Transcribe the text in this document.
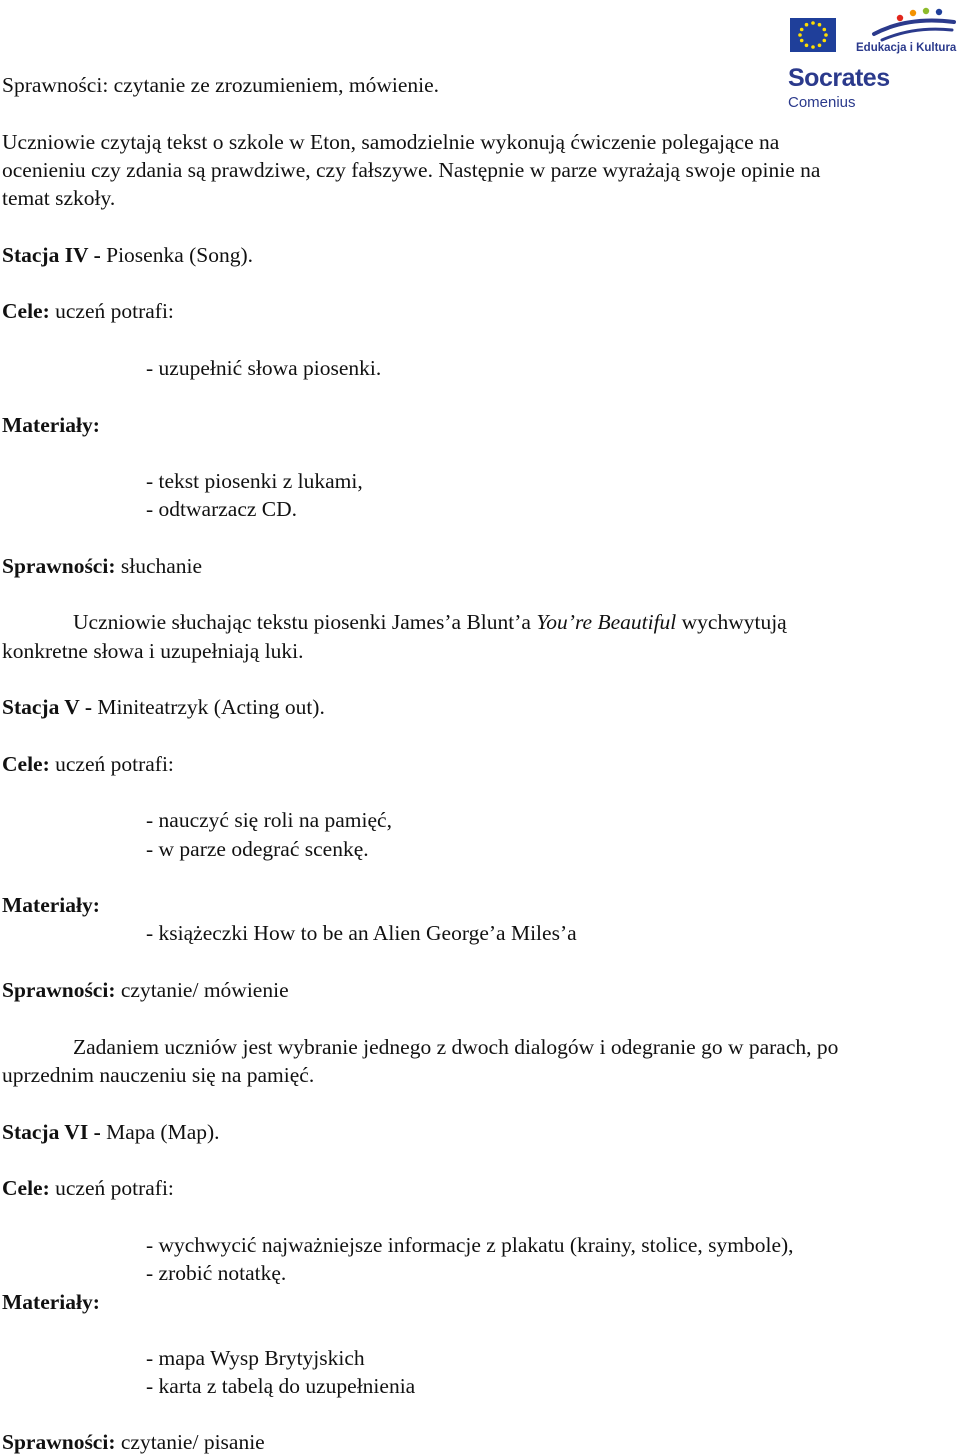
Edukacja i Kultura
Socrates
Comenius
Sprawności: czytanie ze zrozumieniem, mówienie.
Uczniowie czytają tekst o szkole w Eton, samodzielnie wykonują ćwiczenie polegające na
ocenieniu czy zdania są prawdziwe, czy fałszywe. Następnie w parze wyrażają swoje opinie na
temat szkoły.
Stacja IV - Piosenka (Song).
Cele: uczeń potrafi:
- uzupełnić słowa piosenki.
Materiały:
- tekst piosenki z lukami,
- odtwarzacz CD.
Sprawności: słuchanie
Uczniowie słuchając tekstu piosenki James’a Blunt’a You’re Beautiful wychwytują
konkretne słowa i uzupełniają luki.
Stacja V - Miniteatrzyk (Acting out).
Cele: uczeń potrafi:
- nauczyć się roli na pamięć,
- w parze odegrać scenkę.
Materiały:
- książeczki How to be an Alien George’a Miles’a
Sprawności: czytanie/ mówienie
Zadaniem uczniów jest wybranie jednego z dwoch dialogów i odegranie go w parach, po
uprzednim nauczeniu się na pamięć.
Stacja VI - Mapa (Map).
Cele: uczeń potrafi:
- wychwycić najważniejsze informacje z plakatu (krainy, stolice, symbole),
- zrobić notatkę.
Materiały:
- mapa Wysp Brytyjskich
- karta z tabelą do uzupełnienia
Sprawności: czytanie/ pisanie
